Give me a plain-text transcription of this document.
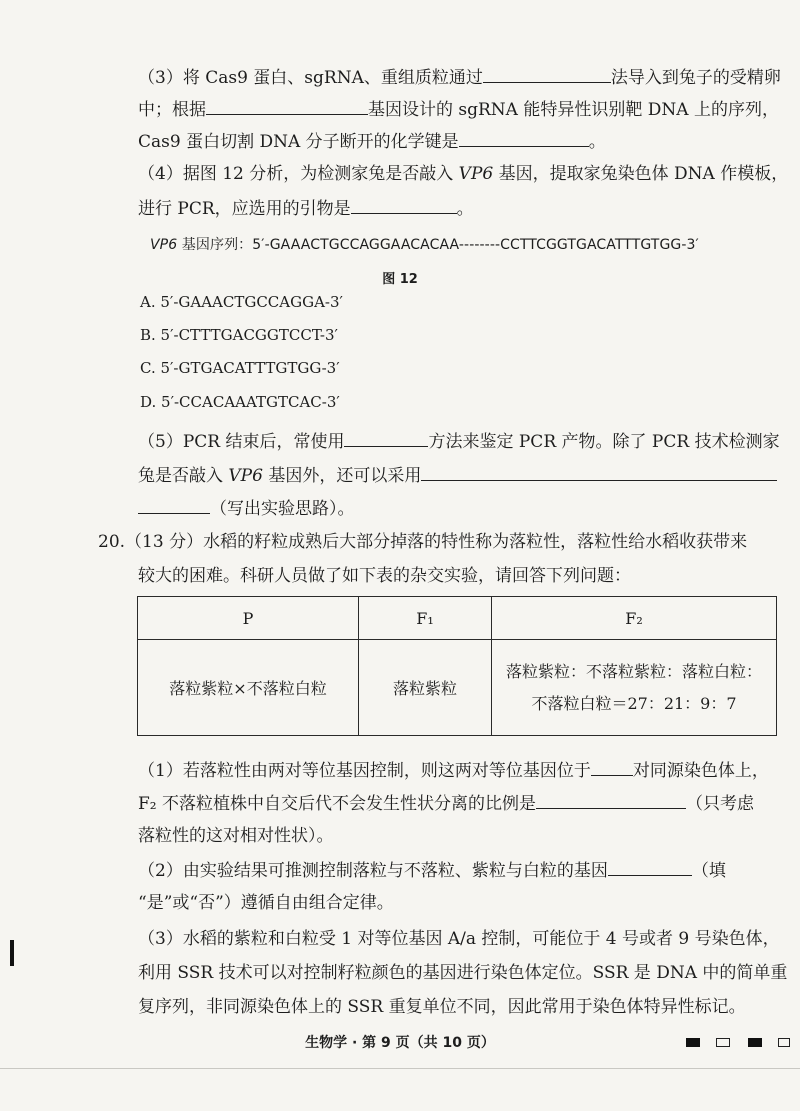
（3）将 Cas9 蛋白、sgRNA、重组质粒通过	法导入到兔子的受精卵
中；根据	基因设计的 sgRNA 能特异性识别靶 DNA 上的序列，
Cas9 蛋白切割 DNA 分子断开的化学键是	。
（4）据图 12 分析，为检测家兔是否敲入 VP6 基因，提取家兔染色体 DNA 作模板，
进行 PCR，应选用的引物是	。
VP6 基因序列：5′-GAAACTGCCAGGAACACAA--------CCTTCGGTGACATTTGTGG-3′
图 12
A. 5′-GAAACTGCCAGGA-3′
B. 5′-CTTTGACGGTCCT-3′
C. 5′-GTGACATTTGTGG-3′
D. 5′-CCACAAATGTCAC-3′
（5）PCR 结束后，常使用	方法来鉴定 PCR 产物。除了 PCR 技术检测家
兔是否敲入 VP6 基因外，还可以采用
（写出实验思路）。
20.（13 分）水稻的籽粒成熟后大部分掉落的特性称为落粒性，落粒性给水稻收获带来
较大的困难。科研人员做了如下表的杂交实验，请回答下列问题：
P	F₁	F₂
落粒紫粒×不落粒白粒	落粒紫粒	落粒紫粒：不落粒紫粒：落粒白粒：
不落粒白粒＝27：21：9：7
（1）若落粒性由两对等位基因控制，则这两对等位基因位于 对同源染色体上，
F₂ 不落粒植株中自交后代不会发生性状分离的比例是	（只考虑
落粒性的这对相对性状）。
（2）由实验结果可推测控制落粒与不落粒、紫粒与白粒的基因	（填
“是”或“否”）遵循自由组合定律。
（3）水稻的紫粒和白粒受 1 对等位基因 A/a 控制，可能位于 4 号或者 9 号染色体，
利用 SSR 技术可以对控制籽粒颜色的基因进行染色体定位。SSR 是 DNA 中的简单重
复序列，非同源染色体上的 SSR 重复单位不同，因此常用于染色体特异性标记。
生物学 · 第 9 页（共 10 页）
